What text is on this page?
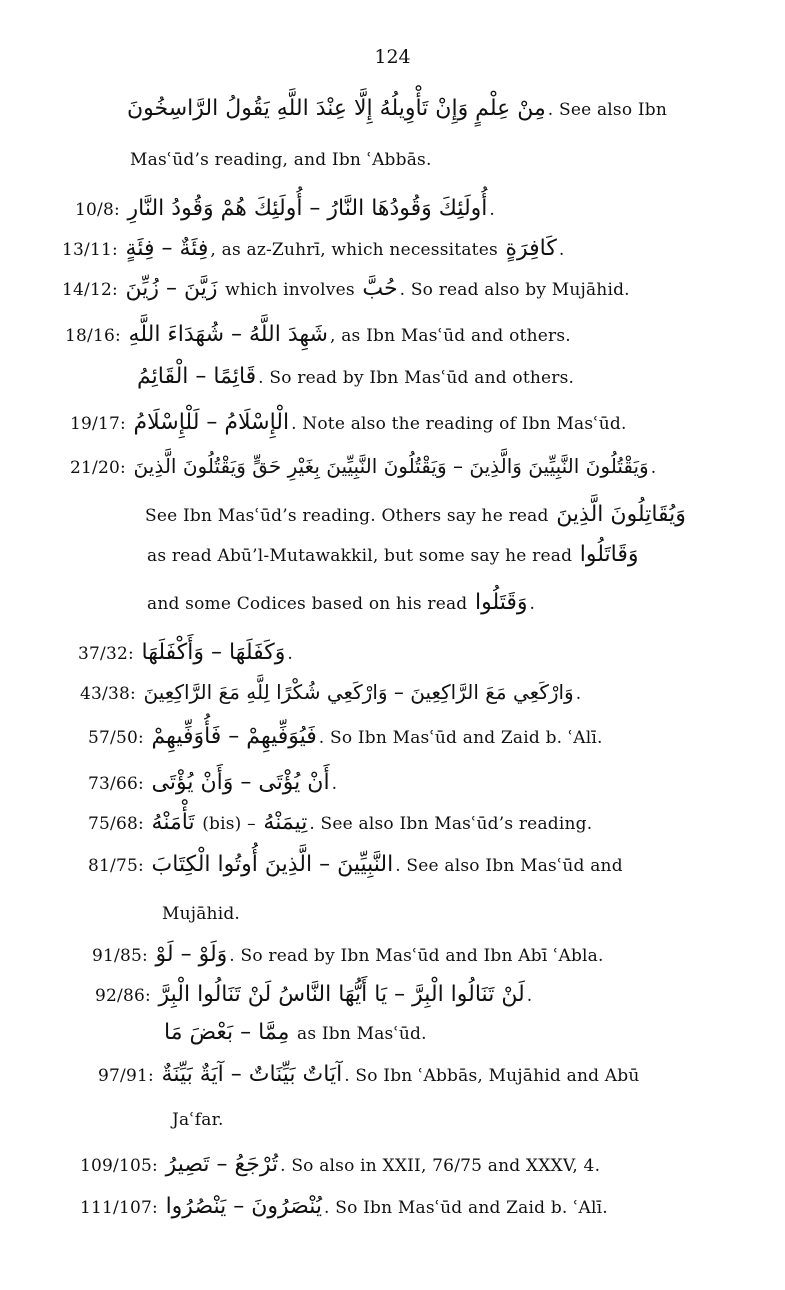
124
مِنْ عِلْمٍ وَإِنْ تَأْوِيلُهُ إِلَّا عِنْدَ اللَّهِ يَقُولُ الرَّاسِخُونَ . See also Ibn
Masʿūd’s reading, and Ibn ʿAbbās.
10/8: أُولَئِكَ وَقُودُهَا النَّارُ – أُولَئِكَ هُمْ وَقُودُ النَّارِ .
13/11: فِئَةٌ – فِئَةٍ , as az-Zuhrī, which necessitates كَافِرَةٍ .
14/12: زَيَّنَ – زُيِّنَ which involves حُبَّ . So read also by Mujāhid.
18/16: شَهِدَ اللَّهُ – شُهَدَاءَ اللَّهِ , as Ibn Masʿūd and others.
قَائِمًا – الْقَائِمُ . So read by Ibn Masʿūd and others.
19/17: الْإِسْلَامُ – لَلْإِسْلَامُ . Note also the reading of Ibn Masʿūd.
21/20: وَيَقْتُلُونَ النَّبِيِّينَ وَالَّذِينَ – وَيَقْتُلُونَ النَّبِيِّينَ بِغَيْرِ حَقٍّ وَيَقْتُلُونَ الَّذِينَ .
See Ibn Masʿūd’s reading. Others say he read وَيُقَاتِلُونَ الَّذِينَ
as read Abū’l-Mutawakkil, but some say he read وَقَاتَلُوا
and some Codices based on his read وَقَتَلُوا .
37/32: وَكَفَلَهَا – وَأَكْفَلَهَا .
43/38: وَارْكَعِي مَعَ الرَّاكِعِينَ – وَارْكَعِي شُكْرًا لِلَّهِ مَعَ الرَّاكِعِينَ .
57/50: فَيُوَفِّيهِمْ – فَأُوَفِّيهِمْ . So Ibn Masʿūd and Zaid b. ʿAlī.
73/66: أَنْ يُؤْتَى – وَأَنْ يُؤْتَى .
75/68: تَأْمَنْهُ (bis) – تِيمَنْهُ . See also Ibn Masʿūd’s reading.
81/75: النَّبِيِّينَ – الَّذِينَ أُوتُوا الْكِتَابَ . See also Ibn Masʿūd and
Mujāhid.
91/85: وَلَوْ – لَوْ . So read by Ibn Masʿūd and Ibn Abī ʿAbla.
92/86: لَنْ تَنَالُوا الْبِرَّ – يَا أَيُّهَا النَّاسُ لَنْ تَنَالُوا الْبِرَّ .
مِمَّا – بَعْضَ مَا as Ibn Masʿūd.
97/91: آيَاتٌ بَيِّنَاتٌ – آيَةٌ بَيِّنَةٌ . So Ibn ʿAbbās, Mujāhid and Abū
Jaʿfar.
109/105: تُرْجَعُ – تَصِيرُ . So also in XXII, 76/75 and XXXV, 4.
111/107: يُنْصَرُونَ – يَنْصُرُوا . So Ibn Masʿūd and Zaid b. ʿAlī.
